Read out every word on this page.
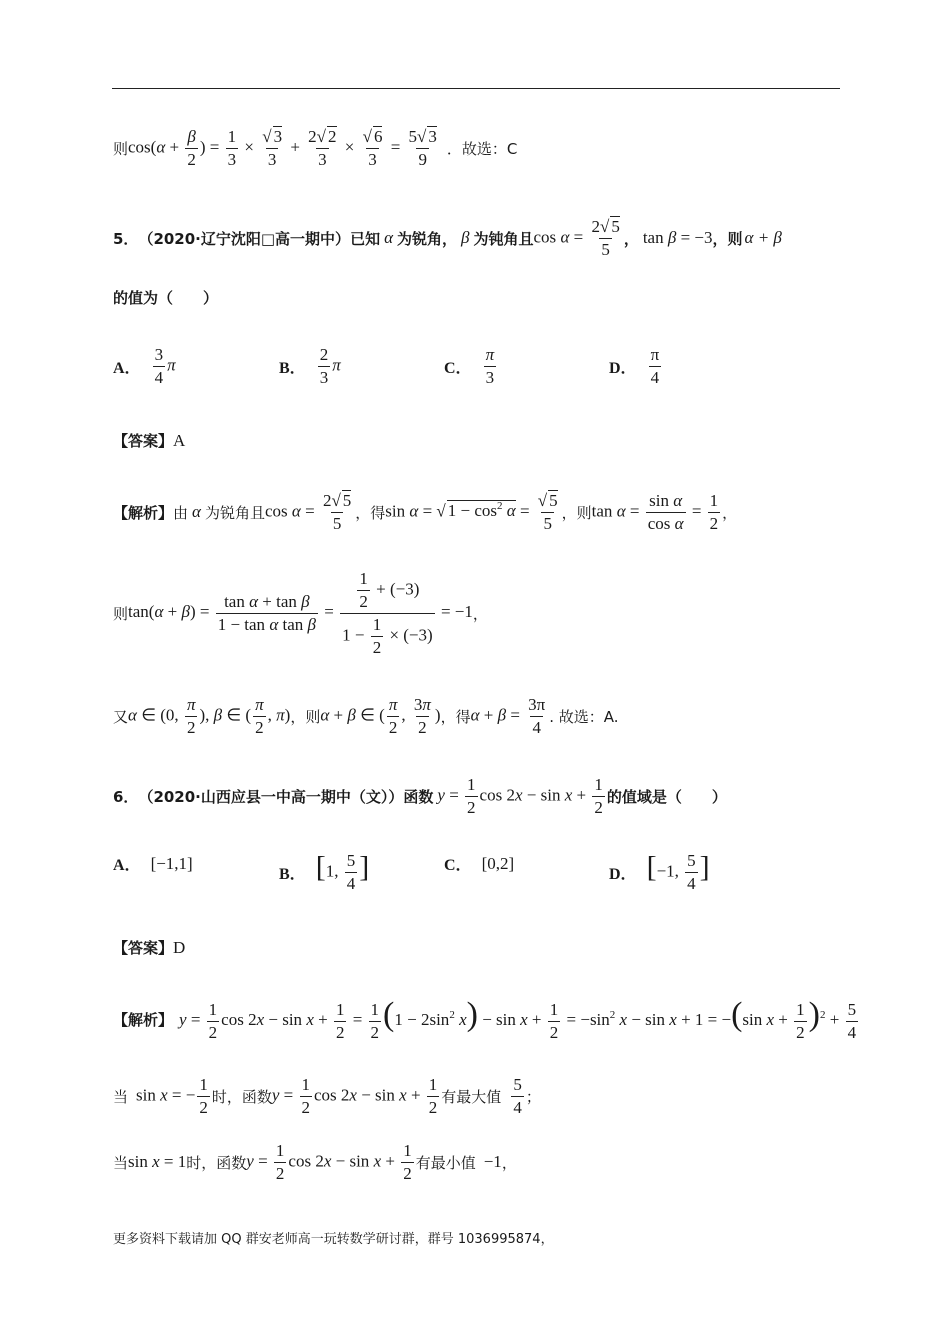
则 $\cos(\alpha + \frac{\beta}{2}$ ) = $\frac{1}{3} \times \frac{√ 3}{3} + \frac{2√ 2}{3} \times \frac{√ 6}{3} = \frac{5√ 3}{9}$ ．故选：C
5． （2020·辽宁沈阳□高一期中） 已知 α 为锐角， β 为钝角且 $\cos \alpha = \frac{2√ 5}{5}$ ， tan β = −3 ，则 α + β
的值为（　　）
A． $\frac{3}{4}$ π	B． $\frac{2}{3}$ π	C． $\frac{\pi}{3}$	D． $\frac{\pi}{4}$
【答案】 A
【解析】 由 α 为锐角且 $\cos \alpha = \frac{2√ 5}{5}$ ，得 sin α = √ $1 - \cos^2 \alpha = \frac{√ 5}{5}$ ，则 $\tan \alpha = \frac{\text{sin α}}{\text{cos α}} = \frac{1}{2}$ ，
则 $\tan(\alpha + \beta) = \frac{\text{tan α + tan β}}{\text{1 − tan α tan β}} = \frac{\frac{1}{2} + (-3)}{1 - \frac{1}{2} \times (-3)} = -1$ ，
又 α ∈ (0, $\frac{\pi}{2}$ ), β ∈ ( $\frac{\pi}{2}$ , π) ，则 α + β ∈ ( $\frac{\pi}{2}$ , $\frac{3\pi}{2}$ ) ，得 $\alpha + \beta = \frac{3\pi}{4}$ . 故选：A.
6． （2020·山西应县一中高一期中（文）） 函数 $y = \frac{1}{2}$ $\cos 2x - \sin x + \frac{1}{2}$ 的值域是（　　）
A． [−1,1]
B． [1, $\frac{5}{4}$ ]	C． [0,2]
D． [−1, $\frac{5}{4}$ ]
【答案】 D
【解析】 $y = \frac{1}{2}$ $\cos 2x - \sin x + \frac{1}{2} = \frac{1}{2} (1 - 2\sin^2$ $x) - \sin x + \frac{1}{2} = -\sin^2$ x − sin x + 1 = −(sin $x + \frac{1}{2} )^2 + \frac{5}{4}$
当 sin x = − $\frac{1}{2}$ 时，函数 $y = \frac{1}{2}$ $\cos 2x - \sin x + \frac{1}{2}$ 有最大值 $\frac{5}{4}$ ；
当 sin x = 1 时，函数 $y = \frac{1}{2}$ $\cos 2x - \sin x + \frac{1}{2}$ 有最小值 −1 ，
更多资料下载请加 QQ 群安老师高一玩转数学研讨群，群号 1036995874，
